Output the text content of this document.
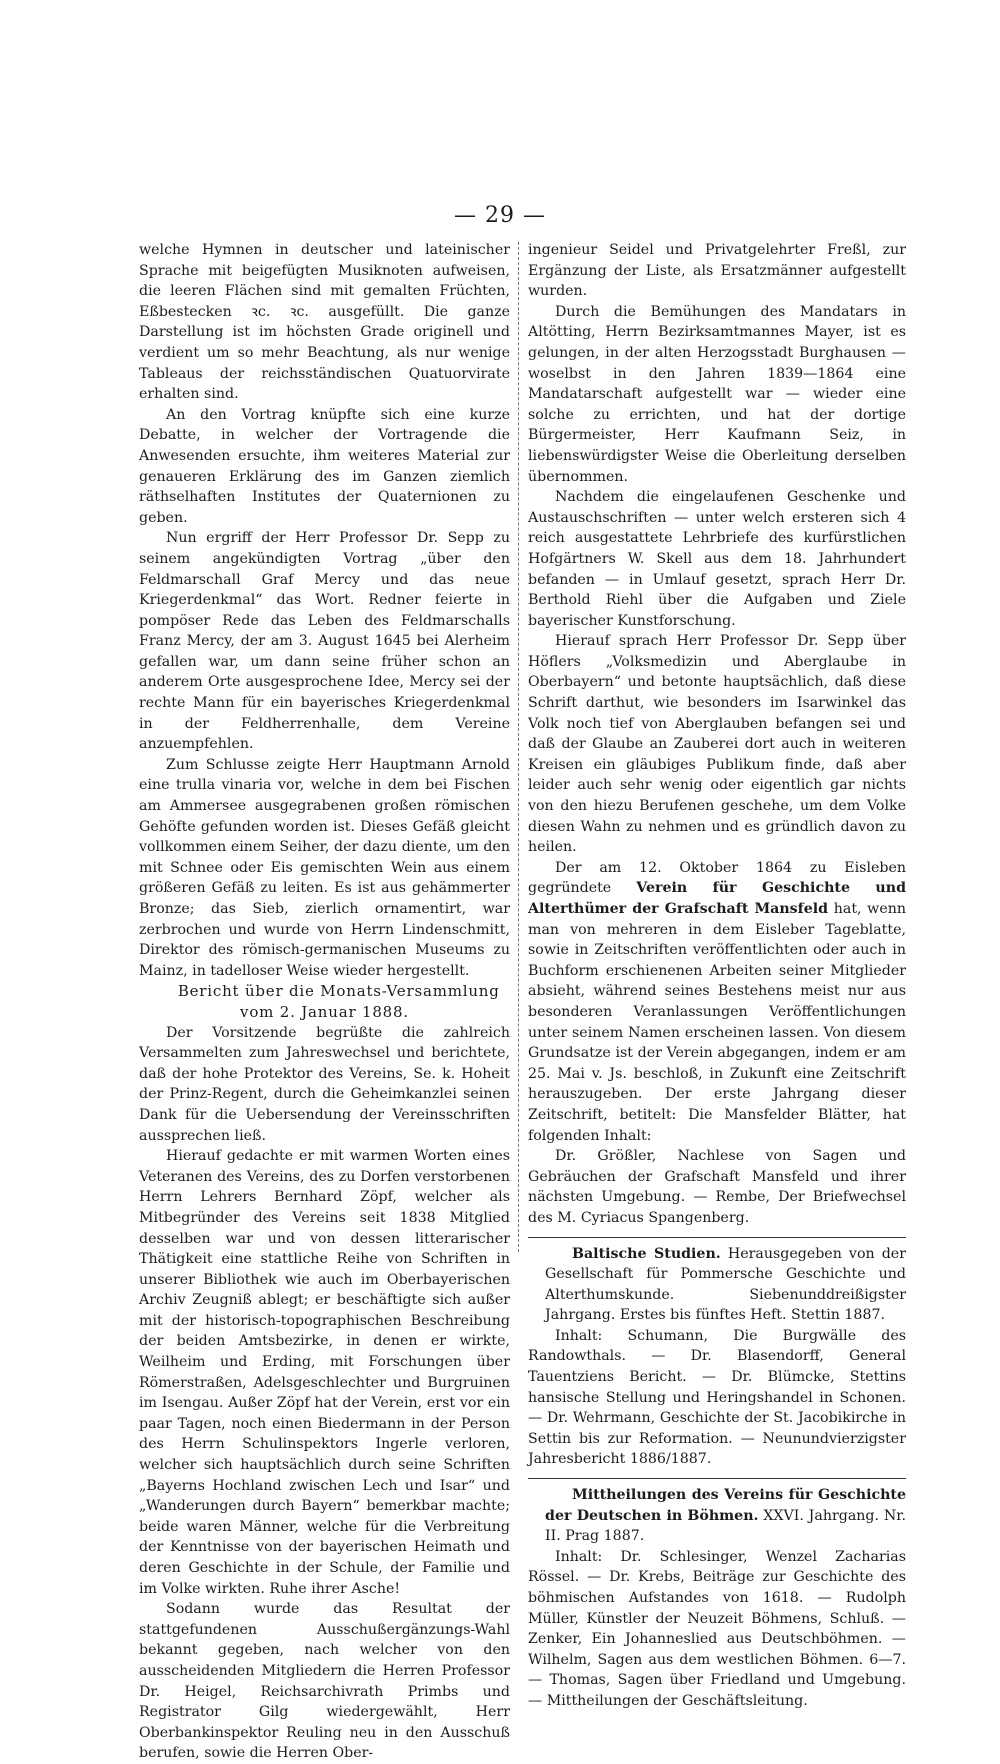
— 29 —

welche Hymnen in deutscher und lateinischer Sprache mit beigefügten Musiknoten aufweisen, die leeren Flächen sind mit gemalten Früchten, Eßbestecken ꝛc. ꝛc. ausgefüllt. Die ganze Darstellung ist im höchsten Grade originell und verdient um so mehr Beachtung, als nur wenige Tableaus der reichsständischen Quatuorvirate erhalten sind.

An den Vortrag knüpfte sich eine kurze Debatte, in welcher der Vortragende die Anwesenden ersuchte, ihm weiteres Material zur genaueren Erklärung des im Ganzen ziemlich räthselhaften Institutes der Quaternionen zu geben.

Nun ergriff der Herr Professor Dr. Sepp zu seinem angekündigten Vortrag „über den Feldmarschall Graf Mercy und das neue Kriegerdenkmal“ das Wort. Redner feierte in pompöser Rede das Leben des Feldmarschalls Franz Mercy, der am 3. August 1645 bei Alerheim gefallen war, um dann seine früher schon an anderem Orte ausgesprochene Idee, Mercy sei der rechte Mann für ein bayerisches Kriegerdenkmal in der Feldherrenhalle, dem Vereine anzuempfehlen.

Zum Schlusse zeigte Herr Hauptmann Arnold eine trulla vinaria vor, welche in dem bei Fischen am Ammersee ausgegrabenen großen römischen Gehöfte gefunden worden ist. Dieses Gefäß gleicht vollkommen einem Seiher, der dazu diente, um den mit Schnee oder Eis gemischten Wein aus einem größeren Gefäß zu leiten. Es ist aus gehämmerter Bronze; das Sieb, zierlich ornamentirt, war zerbrochen und wurde von Herrn Lindenschmitt, Direktor des römisch-germanischen Museums zu Mainz, in tadelloser Weise wieder hergestellt.

Bericht über die Monats-Versammlung vom 2. Januar 1888.

Der Vorsitzende begrüßte die zahlreich Versammelten zum Jahreswechsel und berichtete, daß der hohe Protektor des Vereins, Se. k. Hoheit der Prinz-Regent, durch die Geheimkanzlei seinen Dank für die Uebersendung der Vereinsschriften aussprechen ließ.

Hierauf gedachte er mit warmen Worten eines Veteranen des Vereins, des zu Dorfen verstorbenen Herrn Lehrers Bernhard Zöpf, welcher als Mitbegründer des Vereins seit 1838 Mitglied desselben war und von dessen litterarischer Thätigkeit eine stattliche Reihe von Schriften in unserer Bibliothek wie auch im Oberbayerischen Archiv Zeugniß ablegt; er beschäftigte sich außer mit der historisch-topographischen Beschreibung der beiden Amtsbezirke, in denen er wirkte, Weilheim und Erding, mit Forschungen über Römerstraßen, Adelsgeschlechter und Burgruinen im Isengau. Außer Zöpf hat der Verein, erst vor ein paar Tagen, noch einen Biedermann in der Person des Herrn Schulinspektors Ingerle verloren, welcher sich hauptsächlich durch seine Schriften „Bayerns Hochland zwischen Lech und Isar“ und „Wanderungen durch Bayern“ bemerkbar machte; beide waren Männer, welche für die Verbreitung der Kenntnisse von der bayerischen Heimath und deren Geschichte in der Schule, der Familie und im Volke wirkten. Ruhe ihrer Asche!

Sodann wurde das Resultat der stattgefundenen Ausschußergänzungs-Wahl bekannt gegeben, nach welcher von den ausscheidenden Mitgliedern die Herren Professor Dr. Heigel, Reichsarchivrath Primbs und Registrator Gilg wiedergewählt, Herr Oberbankinspektor Reuling neu in den Ausschuß berufen, sowie die Herren Ober-

ingenieur Seidel und Privatgelehrter Freßl, zur Ergänzung der Liste, als Ersatzmänner aufgestellt wurden.

Durch die Bemühungen des Mandatars in Altötting, Herrn Bezirksamtmannes Mayer, ist es gelungen, in der alten Herzogsstadt Burghausen — woselbst in den Jahren 1839—1864 eine Mandatarschaft aufgestellt war — wieder eine solche zu errichten, und hat der dortige Bürgermeister, Herr Kaufmann Seiz, in liebenswürdigster Weise die Oberleitung derselben übernommen.

Nachdem die eingelaufenen Geschenke und Austauschschriften — unter welch ersteren sich 4 reich ausgestattete Lehrbriefe des kurfürstlichen Hofgärtners W. Skell aus dem 18. Jahrhundert befanden — in Umlauf gesetzt, sprach Herr Dr. Berthold Riehl über die Aufgaben und Ziele bayerischer Kunstforschung.

Hierauf sprach Herr Professor Dr. Sepp über Höflers „Volksmedizin und Aberglaube in Oberbayern“ und betonte hauptsächlich, daß diese Schrift darthut, wie besonders im Isarwinkel das Volk noch tief von Aberglauben befangen sei und daß der Glaube an Zauberei dort auch in weiteren Kreisen ein gläubiges Publikum finde, daß aber leider auch sehr wenig oder eigentlich gar nichts von den hiezu Berufenen geschehe, um dem Volke diesen Wahn zu nehmen und es gründlich davon zu heilen.

Der am 12. Oktober 1864 zu Eisleben gegründete Verein für Geschichte und Alterthümer der Grafschaft Mansfeld hat, wenn man von mehreren in dem Eisleber Tageblatte, sowie in Zeitschriften veröffentlichten oder auch in Buchform erschienenen Arbeiten seiner Mitglieder absieht, während seines Bestehens meist nur aus besonderen Veranlassungen Veröffentlichungen unter seinem Namen erscheinen lassen. Von diesem Grundsatze ist der Verein abgegangen, indem er am 25. Mai v. Js. beschloß, in Zukunft eine Zeitschrift herauszugeben. Der erste Jahrgang dieser Zeitschrift, betitelt: Die Mansfelder Blätter, hat folgenden Inhalt:

Dr. Größler, Nachlese von Sagen und Gebräuchen der Grafschaft Mansfeld und ihrer nächsten Umgebung. — Rembe, Der Briefwechsel des M. Cyriacus Spangenberg.

Baltische Studien. Herausgegeben von der Gesellschaft für Pommersche Geschichte und Alterthumskunde. Siebenunddreißigster Jahrgang. Erstes bis fünftes Heft. Stettin 1887.

Inhalt: Schumann, Die Burgwälle des Randowthals. — Dr. Blasendorff, General Tauentziens Bericht. — Dr. Blümcke, Stettins hansische Stellung und Heringshandel in Schonen. — Dr. Wehrmann, Geschichte der St. Jacobikirche in Settin bis zur Reformation. — Neunundvierzigster Jahresbericht 1886/1887.

Mittheilungen des Vereins für Geschichte der Deutschen in Böhmen. XXVI. Jahrgang. Nr. II. Prag 1887.

Inhalt: Dr. Schlesinger, Wenzel Zacharias Rössel. — Dr. Krebs, Beiträge zur Geschichte des böhmischen Aufstandes von 1618. — Rudolph Müller, Künstler der Neuzeit Böhmens, Schluß. — Zenker, Ein Johanneslied aus Deutschböhmen. — Wilhelm, Sagen aus dem westlichen Böhmen. 6—7. — Thomas, Sagen über Friedland und Umgebung. — Mittheilungen der Geschäftsleitung.
